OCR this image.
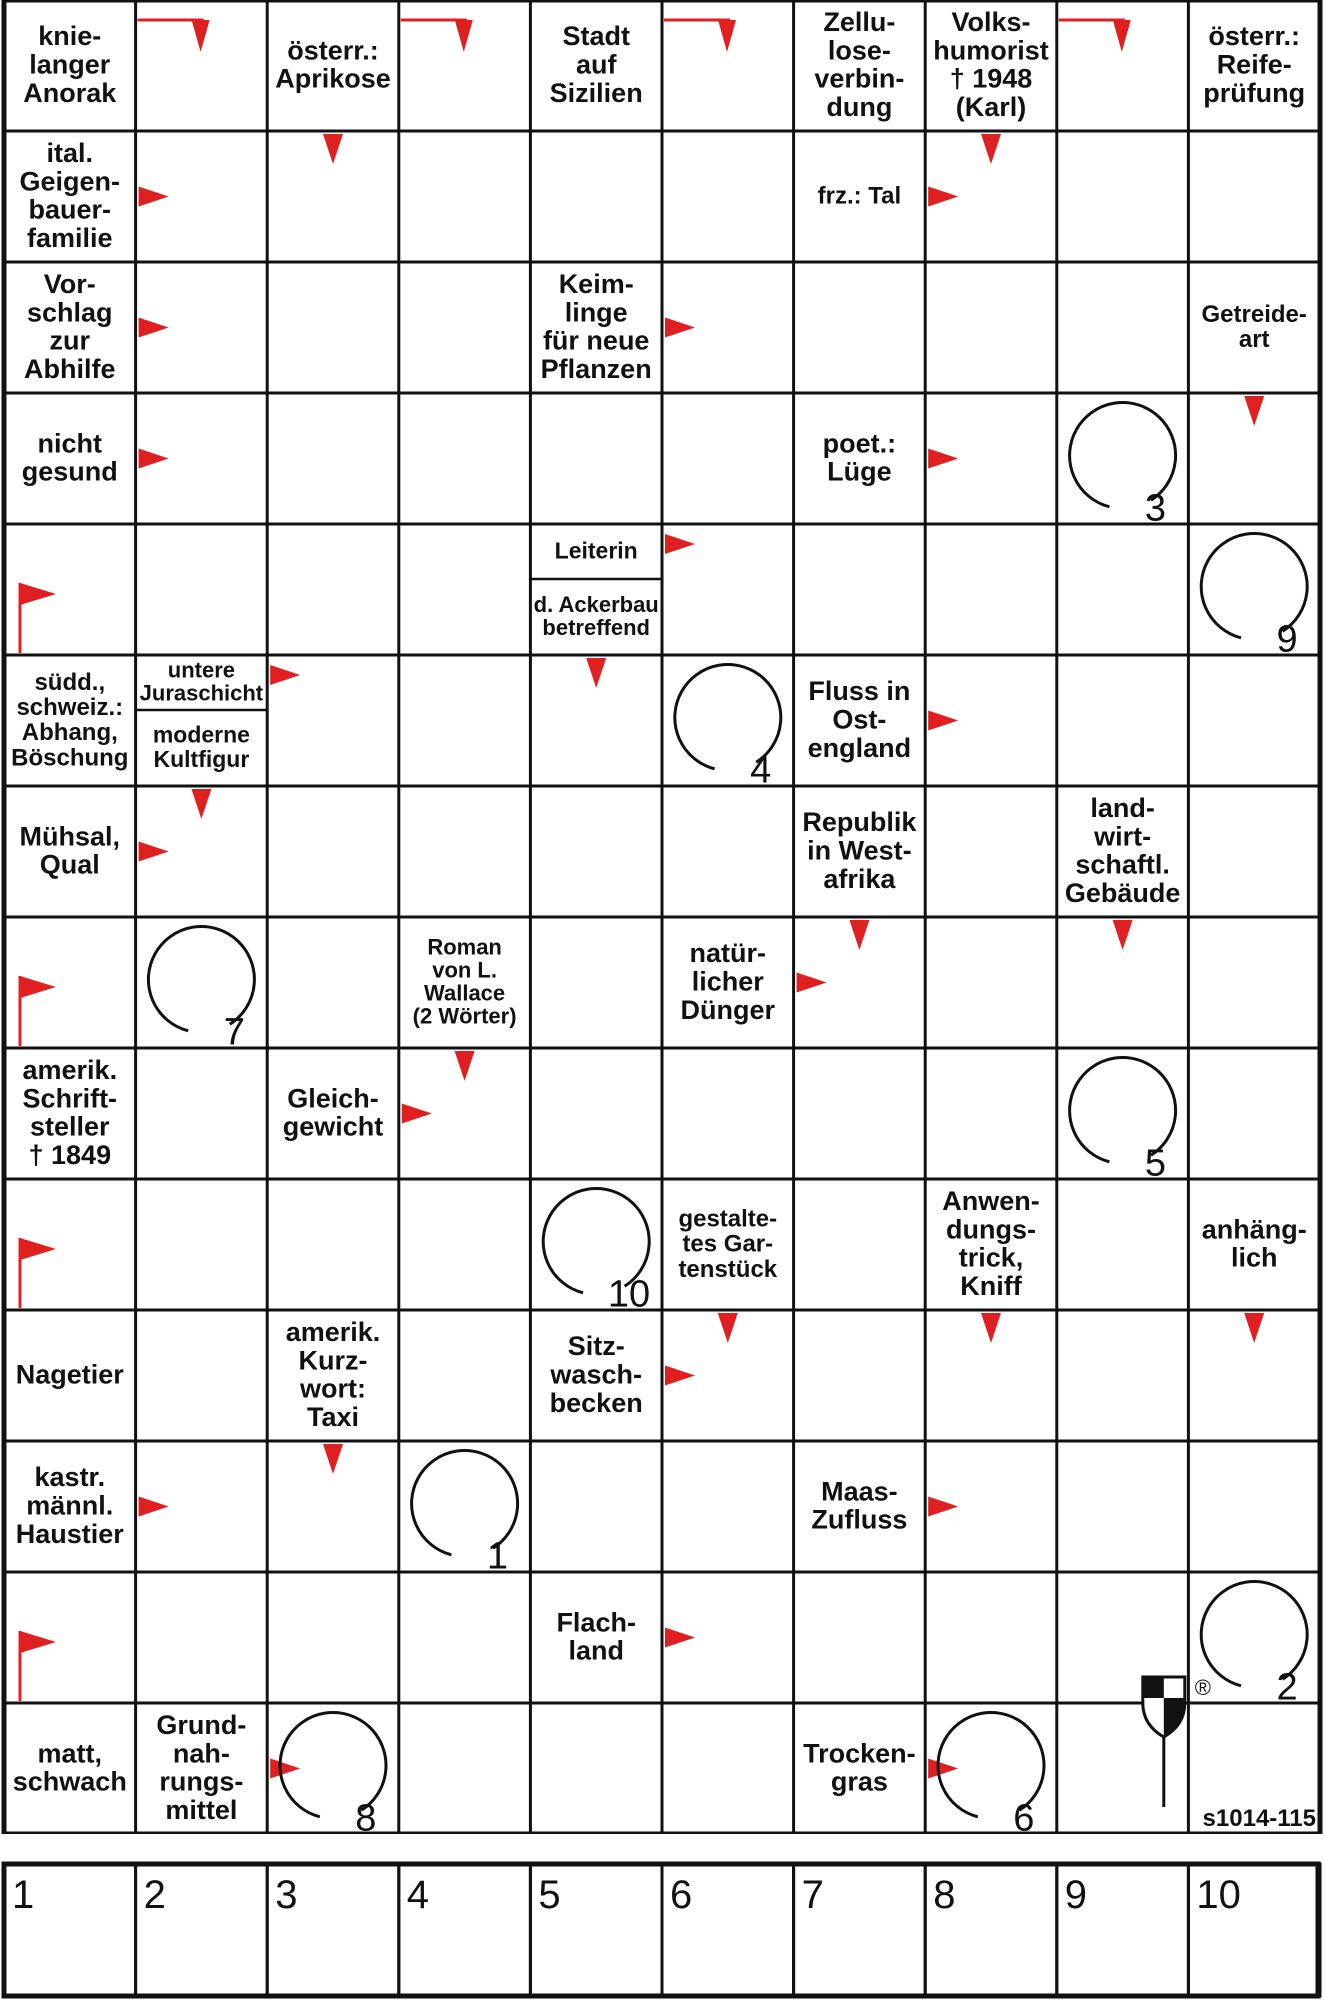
knie-langer Anorak
österr.: Aprikose
Stadt auf Sizilien
Zellu-lose-verbin-dung
Volks-humorist † 1948 (Karl)
österr.: Reife-prüfung
ital. Geigen-bauer-familie
frz.: Tal
Vor-schlag zur Abhilfe
Keim-linge für neue Pflanzen
Getreide-art
nicht gesund
poet.: Lüge
Leiterin
d. Ackerbau betreffend
südd., schweiz.: Abhang, Böschung
untere Juraschicht
moderne Kultfigur
Fluss in Ost-england
Mühsal, Qual
Republik in West-afrika
land-wirt-schaftl. Gebäude
Roman von L. Wallace (2 Wörter)
natür-licher Dünger
amerik. Schrift-steller † 1849
Gleich-gewicht
gestalte-tes Gar-tenstück
Anwen-dungs-trick, Kniff
anhäng-lich
Nagetier
amerik. Kurz-wort: Taxi
Sitz-wasch-becken
kastr. männl. Haustier
Maas-Zufluss
Flach-land
matt, schwach
Grund-nah-rungs-mittel
Trocken-gras
1
2
3
4
5
6
7
8
9
10
®
s1014-115
1	2	3	4	5	6	7	8	9	10
